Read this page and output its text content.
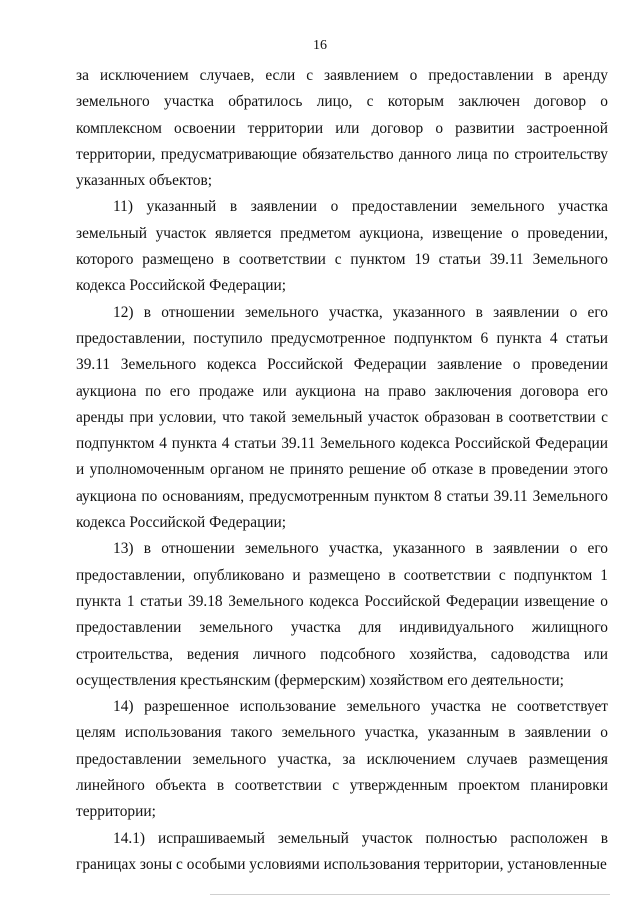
16

за исключением случаев, если с заявлением о предоставлении в аренду земельного участка обратилось лицо, с которым заключен договор о комплексном освоении территории или договор о развитии застроенной территории, предусматривающие обязательство данного лица по строительству указанных объектов;

11) указанный в заявлении о предоставлении земельного участка земельный участок является предметом аукциона, извещение о проведении, которого размещено в соответствии с пунктом 19 статьи 39.11 Земельного кодекса Российской Федерации;

12) в отношении земельного участка, указанного в заявлении о его предоставлении, поступило предусмотренное подпунктом 6 пункта 4 статьи 39.11 Земельного кодекса Российской Федерации заявление о проведении аукциона по его продаже или аукциона на право заключения договора его аренды при условии, что такой земельный участок образован в соответствии с подпунктом 4 пункта 4 статьи 39.11 Земельного кодекса Российской Федерации и уполномоченным органом не принято решение об отказе в проведении этого аукциона по основаниям, предусмотренным пунктом 8 статьи 39.11 Земельного кодекса Российской Федерации;

13) в отношении земельного участка, указанного в заявлении о его предоставлении, опубликовано и размещено в соответствии с подпунктом 1 пункта 1 статьи 39.18 Земельного кодекса Российской Федерации извещение о предоставлении земельного участка для индивидуального жилищного строительства, ведения личного подсобного хозяйства, садоводства или осуществления крестьянским (фермерским) хозяйством его деятельности;

14) разрешенное использование земельного участка не соответствует целям использования такого земельного участка, указанным в заявлении о предоставлении земельного участка, за исключением случаев размещения линейного объекта в соответствии с утвержденным проектом планировки территории;

14.1) испрашиваемый земельный участок полностью расположен в границах зоны с особыми условиями использования территории, установленные
